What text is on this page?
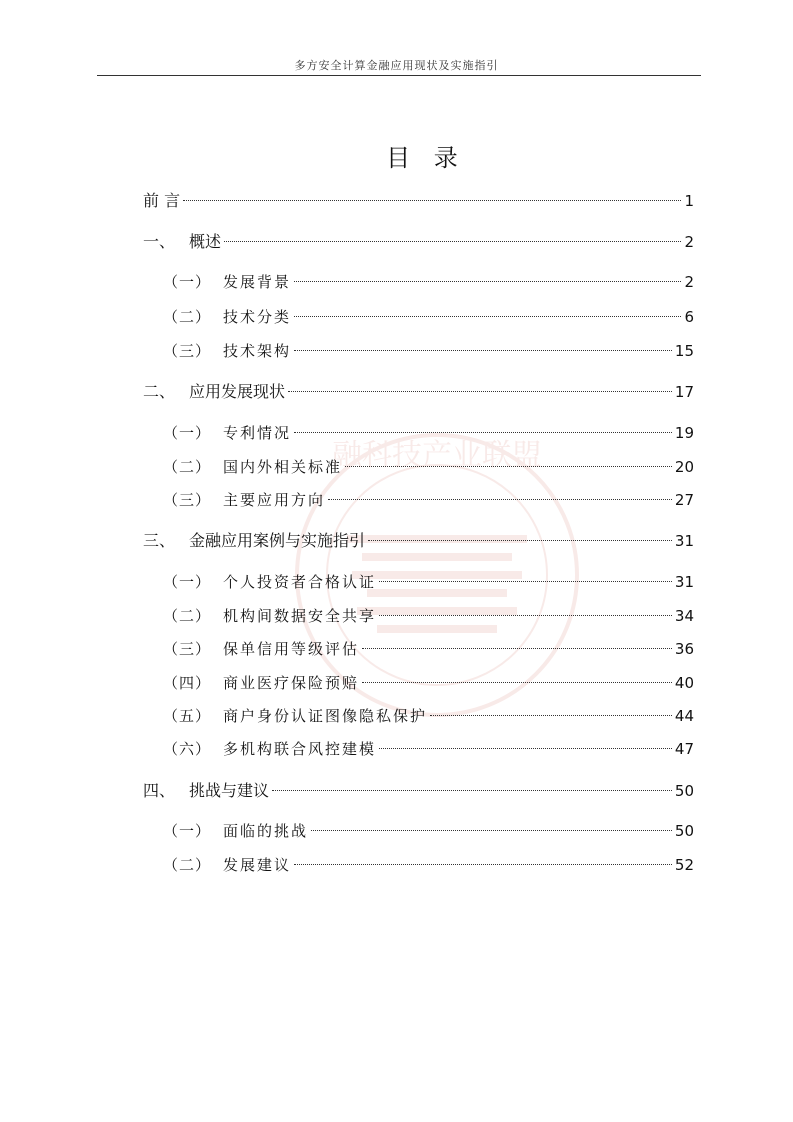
多方安全计算金融应用现状及实施指引
融科技产业联盟
目 录
前 言	1
一、 概述	2
（一） 发展背景	2
（二） 技术分类	6
（三） 技术架构	15
二、 应用发展现状	17
（一） 专利情况	19
（二） 国内外相关标准	20
（三） 主要应用方向	27
三、 金融应用案例与实施指引	31
（一） 个人投资者合格认证	31
（二） 机构间数据安全共享	34
（三） 保单信用等级评估	36
（四） 商业医疗保险预赔	40
（五） 商户身份认证图像隐私保护	44
（六） 多机构联合风控建模	47
四、 挑战与建议	50
（一） 面临的挑战	50
（二） 发展建议	52
